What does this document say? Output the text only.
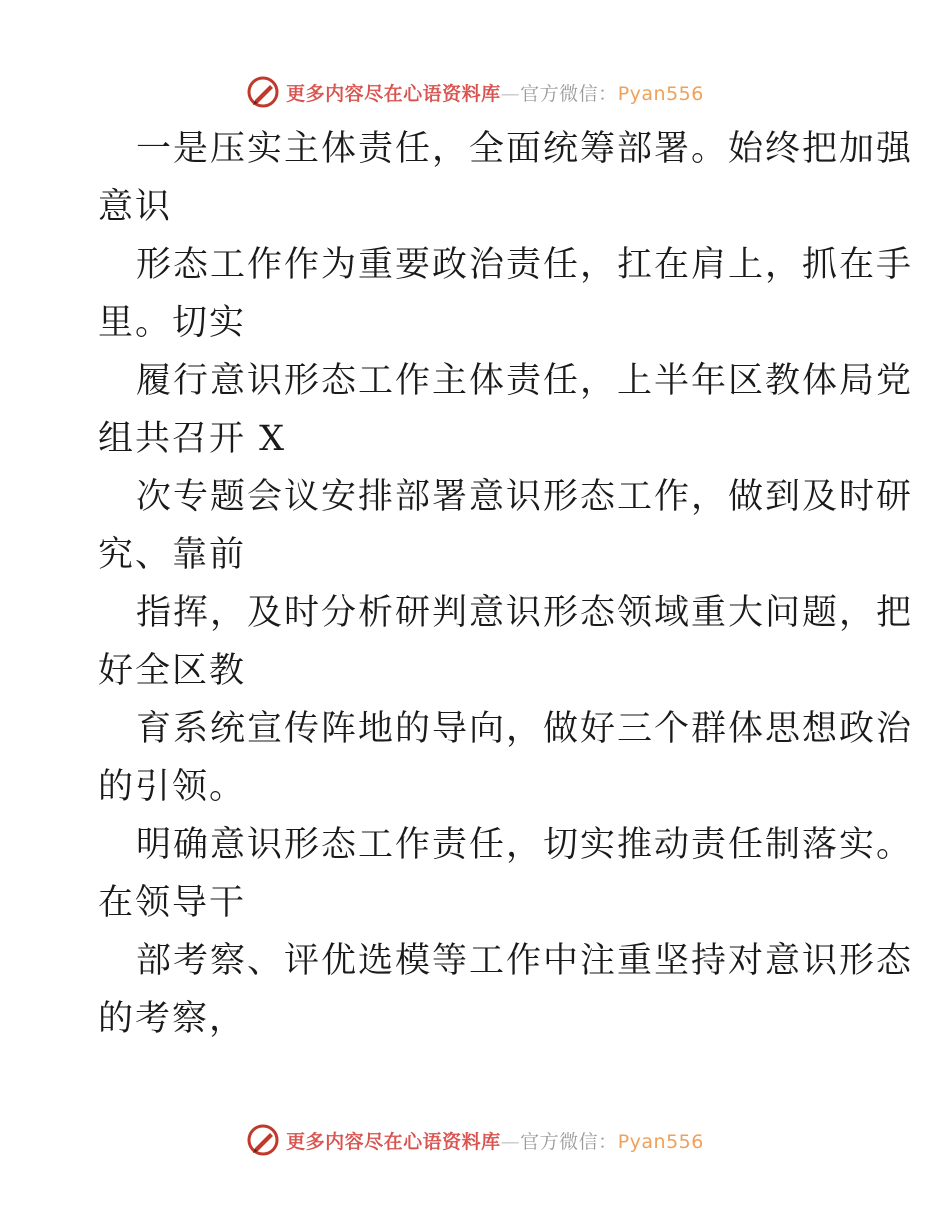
更多内容尽在心语资料库—官方微信：Pyan556
一是压实主体责任，全面统筹部署。始终把加强
意识
形态工作作为重要政治责任，扛在肩上，抓在手
里。切实
履行意识形态工作主体责任，上半年区教体局党
组共召开 X
次专题会议安排部署意识形态工作，做到及时研
究、靠前
指挥，及时分析研判意识形态领域重大问题，把
好全区教
育系统宣传阵地的导向，做好三个群体思想政治
的引领。
明确意识形态工作责任，切实推动责任制落实。
在领导干
部考察、评优选模等工作中注重坚持对意识形态
的考察，
更多内容尽在心语资料库—官方微信：Pyan556
